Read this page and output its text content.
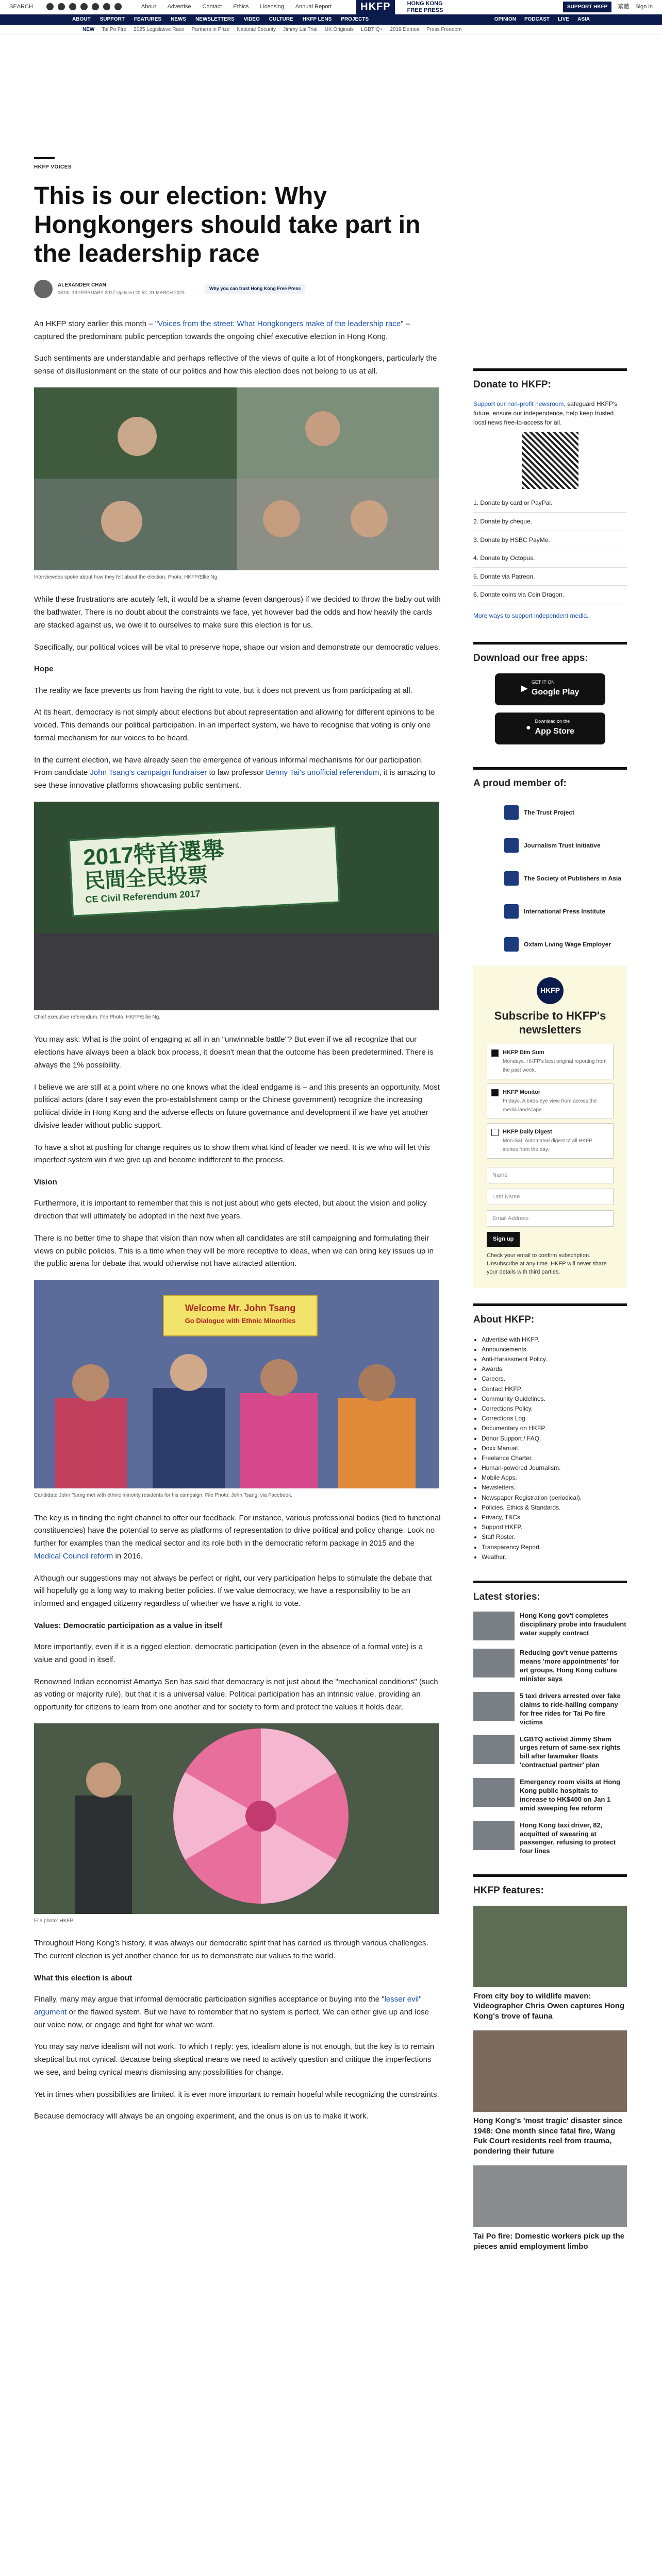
SEARCH	About Advertise Contact Ethics Licensing Annual Report	HKFP	HONG KONG
FREE PRESS
SUPPORT HKFP	繁體 Sign in
ABOUT SUPPORT FEATURES NEWS NEWSLETTERS VIDEO CULTURE HKFP LENS PROJECTS	OPINION PODCAST LIVE ASIA
NEW Tai Po Fire 2025 Legislative Race Partners in Prize National Security Jimmy Lai Trial UK Originals LGBTIQ+ 2019 Demos Press Freedom
HKFP VOICES
This is our election: Why Hongkongers should take part in the leadership race
ALEXANDER CHAN
08:00, 19 FEBRUARY 2017 Updated 20:52, 31 MARCH 2023
Why you can trust Hong Kong Free Press

An HKFP story earlier this month – "Voices from the street: What Hongkongers make of the leadership race" – captured the predominant public perception towards the ongoing chief executive election in Hong Kong.

Such sentiments are understandable and perhaps reflective of the views of quite a lot of Hongkongers, particularly the sense of disillusionment on the state of our politics and how this election does not belong to us at all.

Interviewees spoke about how they felt about the election. Photo: HKFP/Ellie Ng.

While these frustrations are acutely felt, it would be a shame (even dangerous) if we decided to throw the baby out with the bathwater. There is no doubt about the constraints we face, yet however bad the odds and how heavily the cards are stacked against us, we owe it to ourselves to make sure this election is for us.

Specifically, our political voices will be vital to preserve hope, shape our vision and demonstrate our democratic values.

Hope

The reality we face prevents us from having the right to vote, but it does not prevent us from participating at all.

At its heart, democracy is not simply about elections but about representation and allowing for different opinions to be voiced. This demands our political participation. In an imperfect system, we have to recognise that voting is only one formal mechanism for our voices to be heard.

In the current election, we have already seen the emergence of various informal mechanisms for our participation. From candidate John Tsang's campaign fundraiser to law professor Benny Tai's unofficial referendum, it is amazing to see these innovative platforms showcasing public sentiment.

2017特首選舉
民間全民投票
CE Civil Referendum 2017
Chief executive referendum. File Photo: HKFP/Ellie Ng.

You may ask: What is the point of engaging at all in an "unwinnable battle"? But even if we all recognize that our elections have always been a black box process, it doesn't mean that the outcome has been predetermined. There is always the 1% possibility.

I believe we are still at a point where no one knows what the ideal endgame is – and this presents an opportunity. Most political actors (dare I say even the pro-establishment camp or the Chinese government) recognize the increasing political divide in Hong Kong and the adverse effects on future governance and development if we have yet another divisive leader without public support.

To have a shot at pushing for change requires us to show them what kind of leader we need. It is we who will let this imperfect system win if we give up and become indifferent to the process.

Vision

Furthermore, it is important to remember that this is not just about who gets elected, but about the vision and policy direction that will ultimately be adopted in the next five years.

There is no better time to shape that vision than now when all candidates are still campaigning and formulating their views on public policies. This is a time when they will be more receptive to ideas, when we can bring key issues up in the public arena for debate that would otherwise not have attracted attention.

Welcome Mr. John Tsang
Go Dialogue with Ethnic Minorities
Candidate John Tsang met with ethnic minority residents for his campaign. File Photo: John Tsang, via Facebook.

The key is in finding the right channel to offer our feedback. For instance, various professional bodies (tied to functional constituencies) have the potential to serve as platforms of representation to drive political and policy change. Look no further for examples than the medical sector and its role both in the democratic reform package in 2015 and the Medical Council reform in 2016.

Although our suggestions may not always be perfect or right, our very participation helps to stimulate the debate that will hopefully go a long way to making better policies. If we value democracy, we have a responsibility to be an informed and engaged citizenry regardless of whether we have a right to vote.

Values: Democratic participation as a value in itself

More importantly, even if it is a rigged election, democratic participation (even in the absence of a formal vote) is a value and good in itself.

Renowned Indian economist Amartya Sen has said that democracy is not just about the "mechanical conditions" (such as voting or majority rule), but that it is a universal value. Political participation has an intrinsic value, providing an opportunity for citizens to learn from one another and for society to form and protect the values it holds dear.

File photo: HKFP.

Throughout Hong Kong's history, it was always our democratic spirit that has carried us through various challenges. The current election is yet another chance for us to demonstrate our values to the world.

What this election is about

Finally, many may argue that informal democratic participation signifies acceptance or buying into the "lesser evil" argument or the flawed system. But we have to remember that no system is perfect. We can either give up and lose our voice now, or engage and fight for what we want.

You may say naïve idealism will not work. To which I reply: yes, idealism alone is not enough, but the key is to remain skeptical but not cynical. Because being skeptical means we need to actively question and critique the imperfections we see, and being cynical means dismissing any possibilities for change.

Yet in times when possibilities are limited, it is ever more important to remain hopeful while recognizing the constraints.

Because democracy will always be an ongoing experiment, and the onus is on us to make it work.

Donate to HKFP:
Support our non-profit newsroom, safeguard HKFP's future, ensure our independence, help keep trusted local news free-to-access for all.
1. Donate by card or PayPal.
2. Donate by cheque.
3. Donate by HSBC PayMe.
4. Donate by Octopus.
5. Donate via Patreon.
6. Donate coins via Coin Dragon.
More ways to support independent media.
Download our free apps:
▶
GET IT ON
Google Play
●
Download on the
App Store
A proud member of:
The Trust Project
Journalism Trust Initiative
The Society of Publishers in Asia
International Press Institute
Oxfam Living Wage Employer
HKFP
Subscribe to HKFP's newsletters
HKFP Dim Sum
Mondays. HKFP's best original reporting from the past week.
HKFP Monitor
Fridays. A birds-eye view from across the media landscape.
HKFP Daily Digest
Mon-Sat. Automated digest of all HKFP stories from the day.
Name
Last Name
Email Address
Sign up
Check your email to confirm subscription. Unsubscribe at any time. HKFP will never share your details with third parties.
About HKFP:
• Advertise with HKFP.
• Announcements.
• Anti-Harassment Policy.
• Awards.
• Careers.
• Contact HKFP.
• Community Guidelines.
• Corrections Policy.
• Corrections Log.
• Documentary on HKFP.
• Donor Support / FAQ.
• Doxx Manual.
• Freelance Charter.
• Human-powered Journalism.
• Mobile Apps.
• Newsletters.
• Newspaper Registration (periodical).
• Policies, Ethics & Standards.
• Privacy, T&Cs.
• Support HKFP.
• Staff Roster.
• Transparency Report.
• Weather.
Latest stories:
Hong Kong gov't completes disciplinary probe into fraudulent water supply contract
Reducing gov't venue patterns means 'more appointments' for art groups, Hong Kong culture minister says
5 taxi drivers arrested over fake claims to ride-hailing company for free rides for Tai Po fire victims
LGBTQ activist Jimmy Sham urges return of same-sex rights bill after lawmaker floats 'contractual partner' plan
Emergency room visits at Hong Kong public hospitals to increase to HK$400 on Jan 1 amid sweeping fee reform
Hong Kong taxi driver, 82, acquitted of swearing at passenger, refusing to protect four lines
HKFP features:
From city boy to wildlife maven: Videographer Chris Owen captures Hong Kong's trove of fauna
Hong Kong's 'most tragic' disaster since 1948: One month since fatal fire, Wang Fuk Court residents reel from trauma, pondering their future
Tai Po fire: Domestic workers pick up the pieces amid employment limbo
